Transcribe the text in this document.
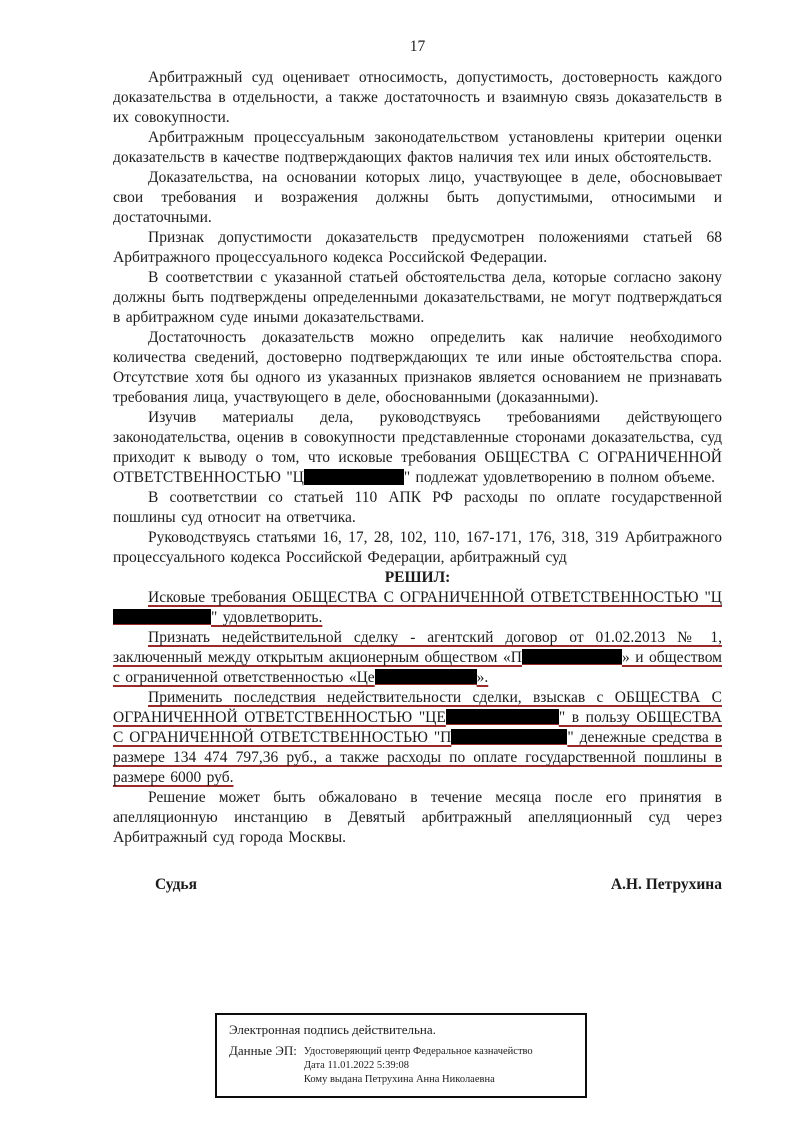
17

Арбитражный суд оценивает относимость, допустимость, достоверность каждого доказательства в отдельности, а также достаточность и взаимную связь доказательств в их совокупности.

Арбитражным процессуальным законодательством установлены критерии оценки доказательств в качестве подтверждающих фактов наличия тех или иных обстоятельств.

Доказательства, на основании которых лицо, участвующее в деле, обосновывает свои требования и возражения должны быть допустимыми, относимыми и достаточными.

Признак допустимости доказательств предусмотрен положениями статьей 68 Арбитражного процессуального кодекса Российской Федерации.

В соответствии с указанной статьей обстоятельства дела, которые согласно закону должны быть подтверждены определенными доказательствами, не могут подтверждаться в арбитражном суде иными доказательствами.

Достаточность доказательств можно определить как наличие необходимого количества сведений, достоверно подтверждающих те или иные обстоятельства спора. Отсутствие хотя бы одного из указанных признаков является основанием не признавать требования лица, участвующего в деле, обоснованными (доказанными).

Изучив материалы дела, руководствуясь требованиями действующего законодательства, оценив в совокупности представленные сторонами доказательства, суд приходит к выводу о том, что исковые требования ОБЩЕСТВА С ОГРАНИЧЕННОЙ ОТВЕТСТВЕННОСТЬЮ "Ц	" подлежат удовлетворению в полном объеме.

В соответствии со статьей 110 АПК РФ расходы по оплате государственной пошлины суд относит на ответчика.

Руководствуясь статьями 16, 17, 28, 102, 110, 167-171, 176, 318, 319 Арбитражного процессуального кодекса Российской Федерации, арбитражный суд

РЕШИЛ:

Исковые требования ОБЩЕСТВА С ОГРАНИЧЕННОЙ ОТВЕТСТВЕННОСТЬЮ "Ц" удовлетворить.

Признать недействительной сделку - агентский договор от 01.02.2013 № 1, заключенный между открытым акционерным обществом «П	» и обществом с ограниченной ответственностью «Це	».

Применить последствия недействительности сделки, взыскав с ОБЩЕСТВА С ОГРАНИЧЕННОЙ ОТВЕТСТВЕННОСТЬЮ "ЦЕ	" в пользу ОБЩЕСТВА С ОГРАНИЧЕННОЙ ОТВЕТСТВЕННОСТЬЮ "П	" денежные средства в размере 134 474 797,36 руб., а также расходы по оплате государственной пошлины в размере 6000 руб.

Решение может быть обжаловано в течение месяца после его принятия в апелляционную инстанцию в Девятый арбитражный апелляционный суд через Арбитражный суд города Москвы.

Судья	А.Н. Петрухина
Электронная подпись действительна.
Данные ЭП: Удостоверяющий центр Федеральное казначейство
Дата 11.01.2022 5:39:08
Кому выдана Петрухина Анна Николаевна
